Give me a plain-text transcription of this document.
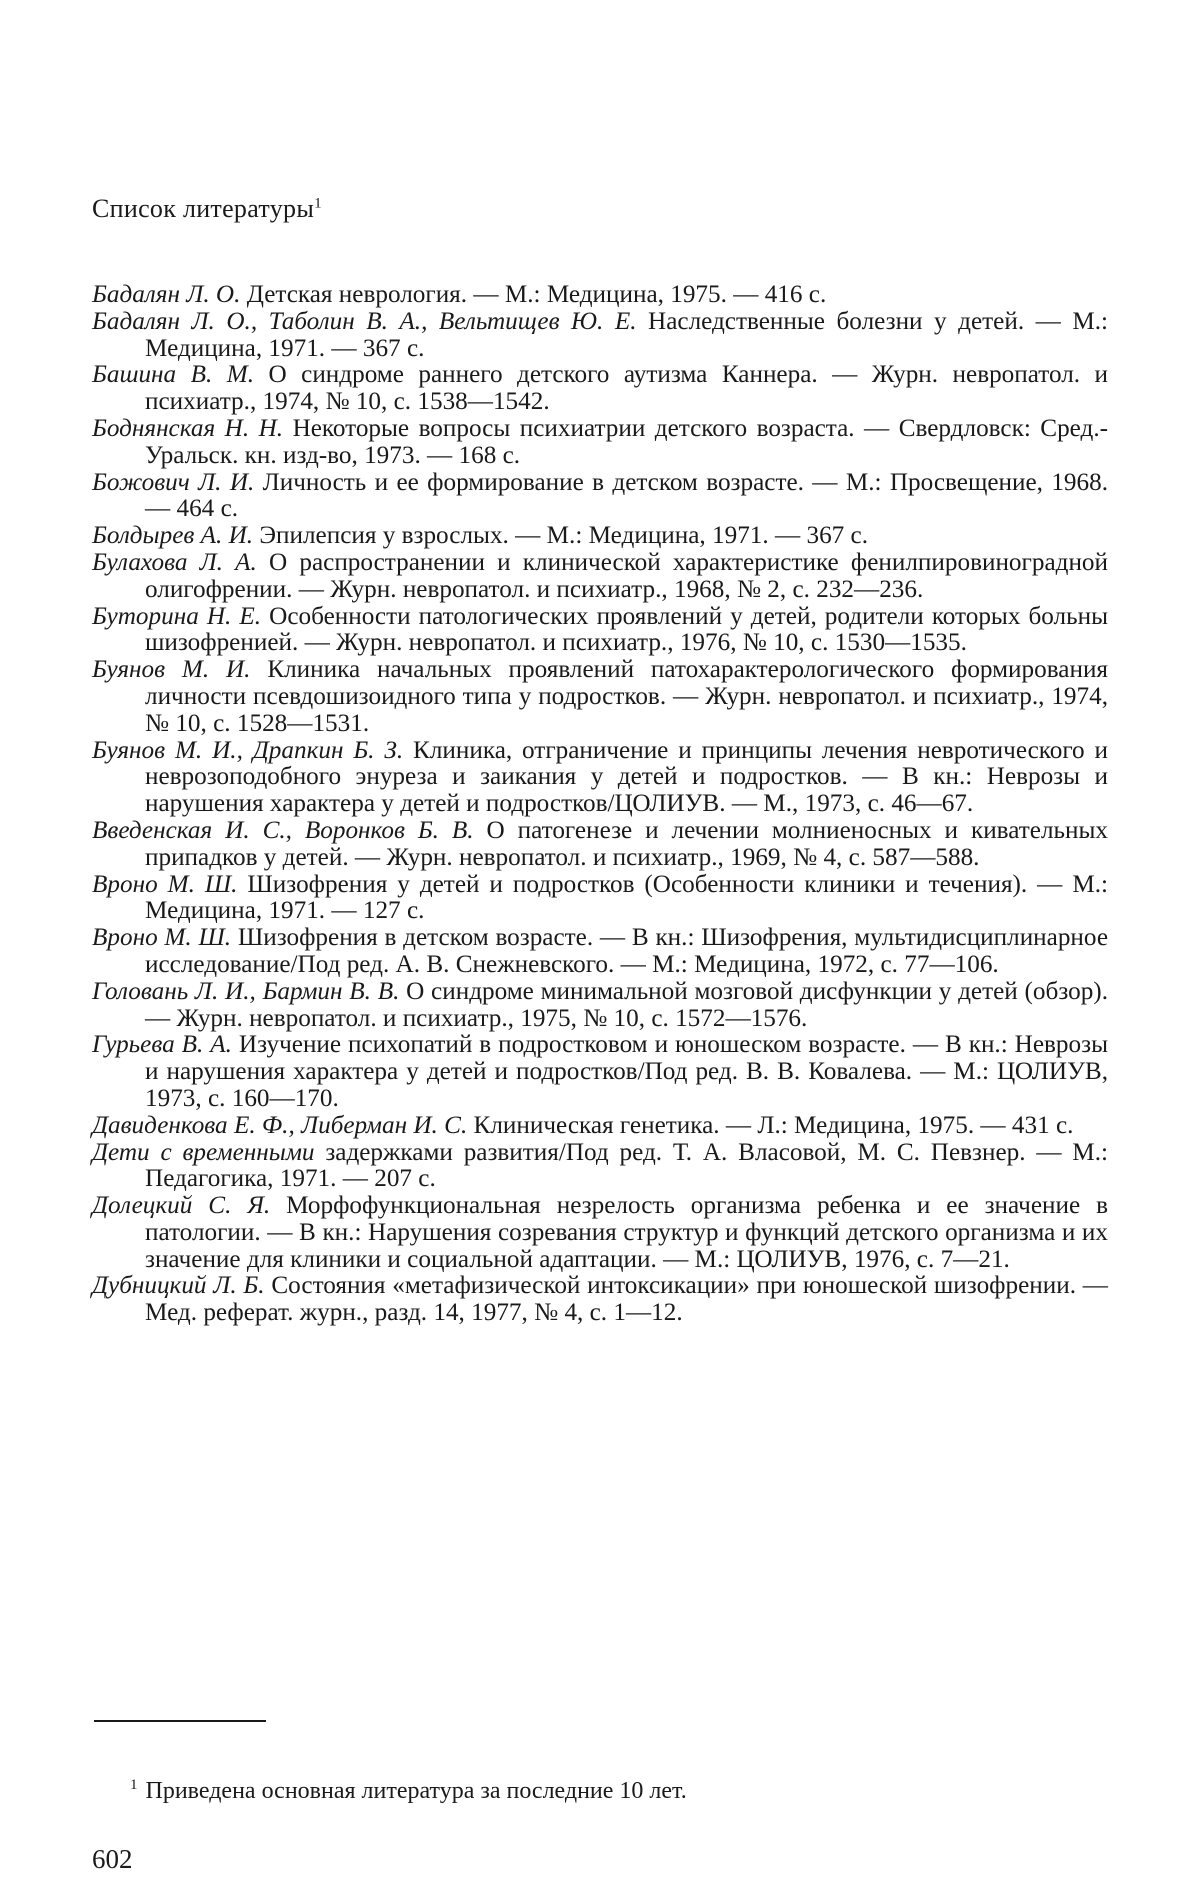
Список литературы$^1$

Бадалян Л. О. Детская неврология. — М.: Медицина, 1975. — 416 с.

Бадалян Л. О., Таболин В. А., Вельтищев Ю. Е. Наследственные болезни у детей. — М.: Медицина, 1971. — 367 с.

Башина В. М. О синдроме раннего детского аутизма Каннера. — Журн. невропатол. и психиатр., 1974, № 10, с. 1538—1542.

Боднянская Н. Н. Некоторые вопросы психиатрии детского возраста. — Свердловск: Сред.-Уральск. кн. изд-во, 1973. — 168 с.

Божович Л. И. Личность и ее формирование в детском возрасте. — М.: Просвещение, 1968. — 464 с.

Болдырев А. И. Эпилепсия у взрослых. — М.: Медицина, 1971. — 367 с.

Булахова Л. А. О распространении и клинической характеристике фенилпировиноградной олигофрении. — Журн. невропатол. и психиатр., 1968, № 2, с. 232—236.

Буторина Н. Е. Особенности патологических проявлений у детей, родители которых больны шизофренией. — Журн. невропатол. и психиатр., 1976, № 10, с. 1530—1535.

Буянов М. И. Клиника начальных проявлений патохарактерологического формирования личности псевдошизоидного типа у подростков. — Журн. невропатол. и психиатр., 1974, № 10, с. 1528—1531.

Буянов М. И., Драпкин Б. З. Клиника, отграничение и принципы лечения невротического и неврозоподобного энуреза и заикания у детей и подростков. — В кн.: Неврозы и нарушения характера у детей и подростков/ЦОЛИУВ. — М., 1973, с. 46—67.

Введенская И. С., Воронков Б. В. О патогенезе и лечении молниеносных и кивательных припадков у детей. — Журн. невропатол. и психиатр., 1969, № 4, с. 587—588.

Вроно М. Ш. Шизофрения у детей и подростков (Особенности клиники и течения). — М.: Медицина, 1971. — 127 с.

Вроно М. Ш. Шизофрения в детском возрасте. — В кн.: Шизофрения, мультидисциплинарное исследование/Под ред. А. В. Снежневского. — М.: Медицина, 1972, с. 77—106.

Головань Л. И., Бармин В. В. О синдроме минимальной мозговой дисфункции у детей (обзор). — Журн. невропатол. и психиатр., 1975, № 10, с. 1572—1576.

Гурьева В. А. Изучение психопатий в подростковом и юношеском возрасте. — В кн.: Неврозы и нарушения характера у детей и подростков/Под ред. В. В. Ковалева. — М.: ЦОЛИУВ, 1973, с. 160—170.

Давиденкова Е. Ф., Либерман И. С. Клиническая генетика. — Л.: Медицина, 1975. — 431 с.

Дети с временными задержками развития/Под ред. Т. А. Власовой, М. С. Певзнер. — М.: Педагогика, 1971. — 207 с.

Долецкий С. Я. Морфофункциональная незрелость организма ребенка и ее значение в патологии. — В кн.: Нарушения созревания структур и функций детского организма и их значение для клиники и социальной адаптации. — М.: ЦОЛИУВ, 1976, с. 7—21.

Дубницкий Л. Б. Состояния «метафизической интоксикации» при юношеской шизофрении. — Мед. реферат. журн., разд. 14, 1977, № 4, с. 1—12.

$^1$ Приведена основная литература за последние 10 лет.
602
